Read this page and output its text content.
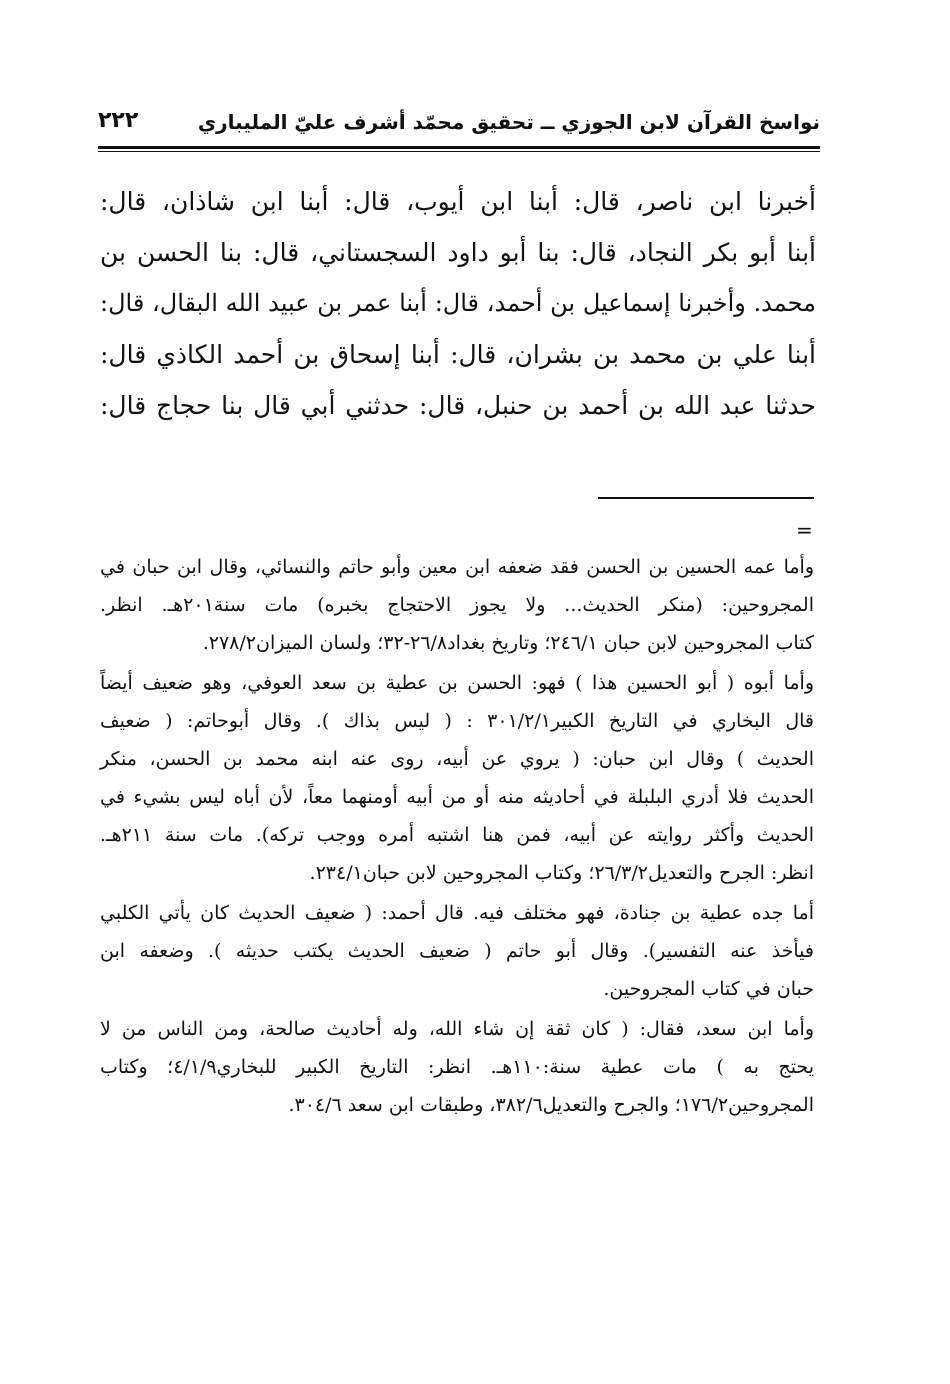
نواسخ القرآن لابن الجوزي ــ تحقيق محمّد أشرف عليّ المليباري
٢٢٢

أخبرنا ابن ناصر، قال: أبنا ابن أيوب، قال: أبنا ابن شاذان، قال:

أبنا أبو بكر النجاد، قال: بنا أبو داود السجستاني، قال: بنا الحسن بن

محمد. وأخبرنا إسماعيل بن أحمد، قال: أبنا عمر بن عبيد الله البقال، قال:

أبنا علي بن محمد بن بشران، قال: أبنا إسحاق بن أحمد الكاذي قال:

حدثنا عبد الله بن أحمد بن حنبل، قال: حدثني أبي قال بنا حجاج قال:

=
وأما عمه الحسين بن الحسن فقد ضعفه ابن معين وأبو حاتم والنسائي، وقال ابن حبان في
المجروحين: (منكر الحديث... ولا يجوز الاحتجاج بخبره) مات سنة٢٠١هـ. انظر.
كتاب المجروحين لابن حبان ٢٤٦/١؛ وتاريخ بغداد٢٦/٨-٣٢؛ ولسان الميزان٢٧٨/٢.
وأما أبوه ( أبو الحسين هذا ) فهو: الحسن بن عطية بن سعد العوفي، وهو ضعيف أيضاً
قال البخاري في التاريخ الكبير٣٠١/٢/١ : ( ليس بذاك ). وقال أبوحاتم: ( ضعيف
الحديث ) وقال ابن حبان: ( يروي عن أبيه، روى عنه ابنه محمد بن الحسن، منكر
الحديث فلا أدري البلبلة في أحاديثه منه أو من أبيه أومنهما معاً، لأن أباه ليس بشيء في
الحديث وأكثر روايته عن أبيه، فمن هنا اشتبه أمره ووجب تركه). مات سنة ٢١١هـ.
انظر: الجرح والتعديل٢٦/٣/٢؛ وكتاب المجروحين لابن حبان٢٣٤/١.
أما جده عطية بن جنادة، فهو مختلف فيه. قال أحمد: ( ضعيف الحديث كان يأتي الكلبي
فيأخذ عنه التفسير). وقال أبو حاتم ( ضعيف الحديث يكتب حديثه ). وضعفه ابن
حبان في كتاب المجروحين.
وأما ابن سعد، فقال: ( كان ثقة إن شاء الله، وله أحاديث صالحة، ومن الناس من لا
يحتج به ) مات عطية سنة:١١٠هـ. انظر: التاريخ الكبير للبخاري٤/١/٩؛ وكتاب
المجروحين١٧٦/٢؛ والجرح والتعديل٣٨٢/٦، وطبقات ابن سعد ٣٠٤/٦.
